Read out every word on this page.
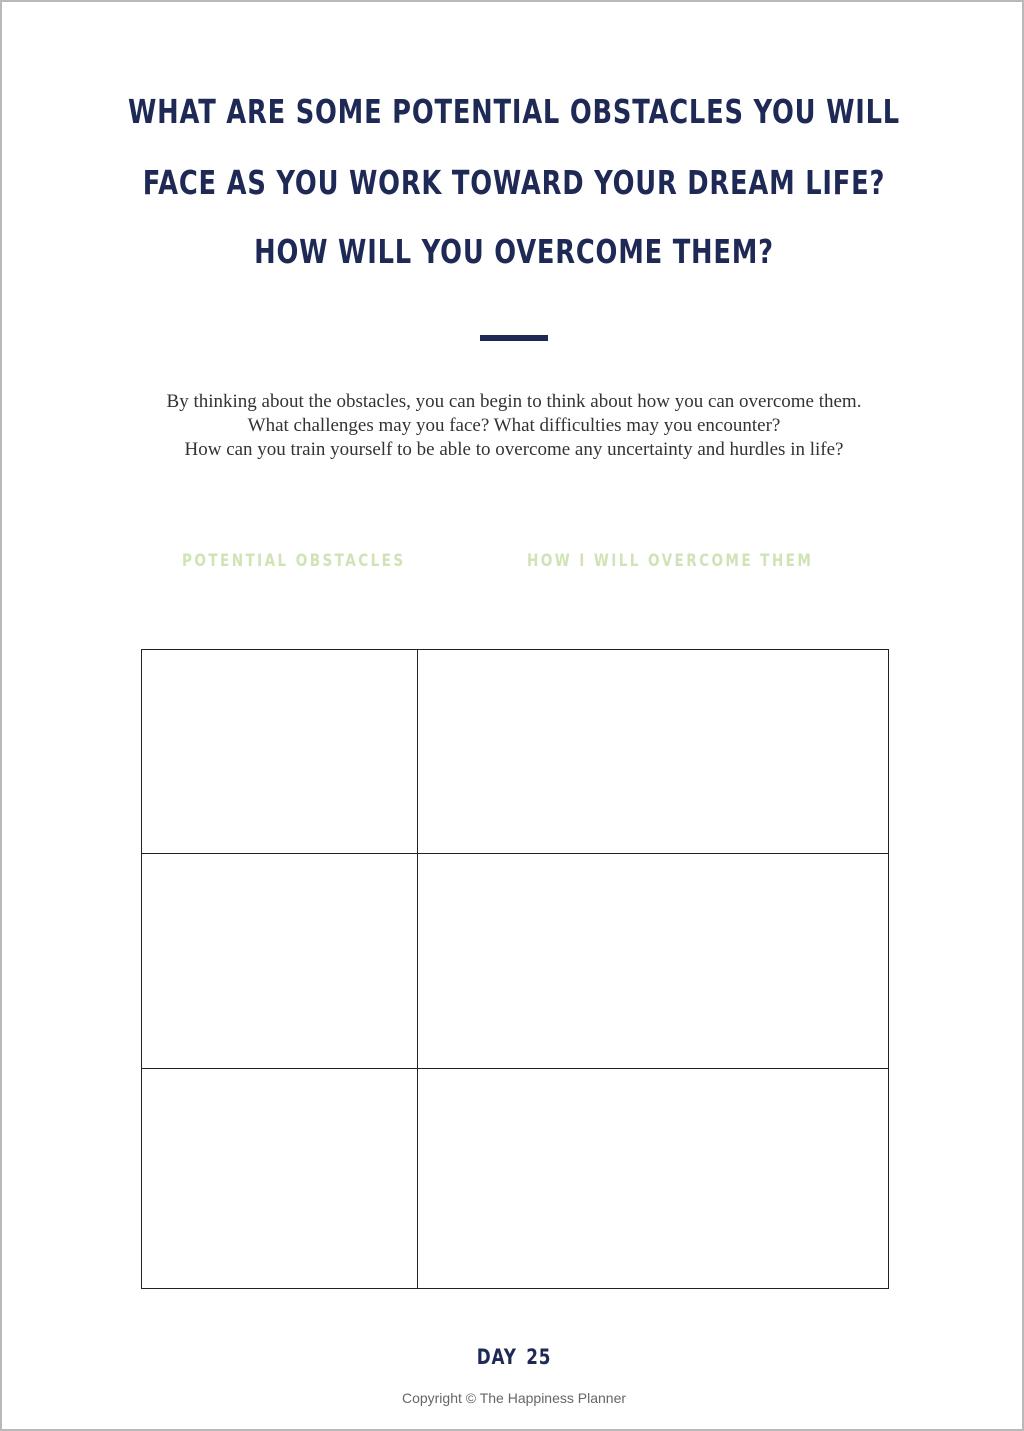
WHAT ARE SOME POTENTIAL OBSTACLES YOU WILL
FACE AS YOU WORK TOWARD YOUR DREAM LIFE?
HOW WILL YOU OVERCOME THEM?
By thinking about the obstacles, you can begin to think about how you can overcome them.
What challenges may you face? What difficulties may you encounter?
How can you train yourself to be able to overcome any uncertainty and hurdles in life?
POTENTIAL OBSTACLES	HOW I WILL OVERCOME THEM
DAY 25
Copyright © The Happiness Planner
